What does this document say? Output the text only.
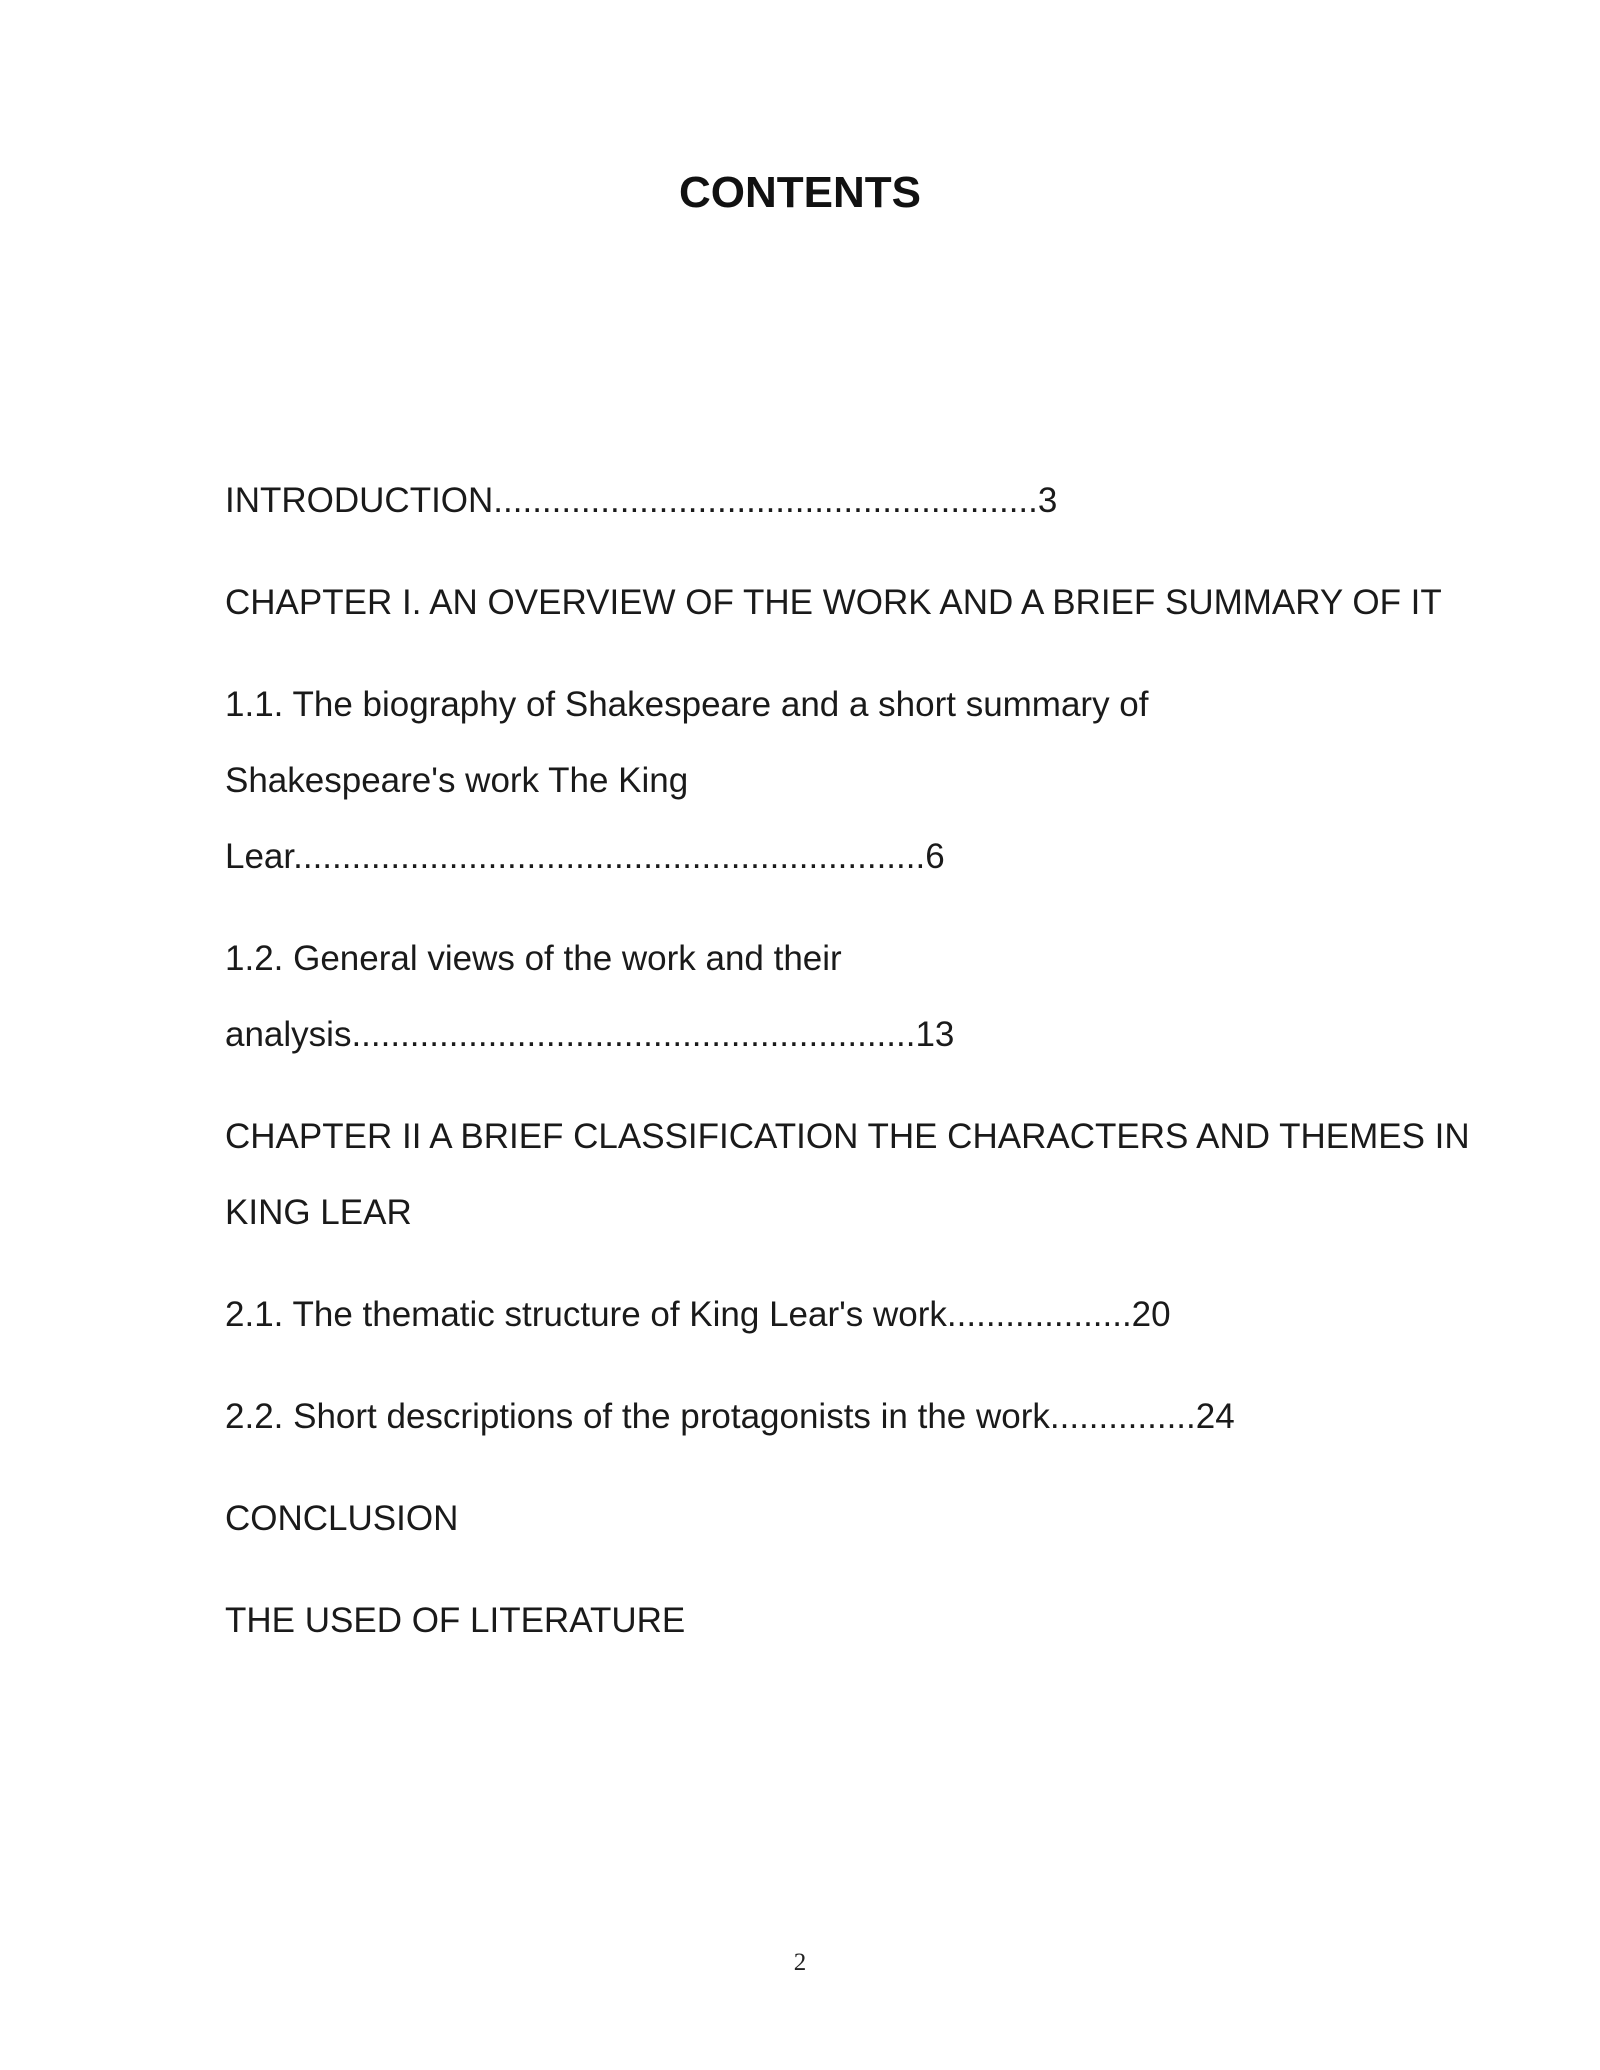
CONTENTS

INTRODUCTION........................................................3

CHAPTER I. AN OVERVIEW OF THE WORK AND A BRIEF SUMMARY OF IT

1.1. The biography of Shakespeare and a short summary of
Shakespeare's work The King
Lear.................................................................6

1.2. General views of the work and their
analysis..........................................................13

CHAPTER II A BRIEF CLASSIFICATION THE CHARACTERS AND THEMES IN
KING LEAR

2.1. The thematic structure of King Lear's work...................20

2.2. Short descriptions of the protagonists in the work...............24

CONCLUSION

THE USED OF LITERATURE

2
